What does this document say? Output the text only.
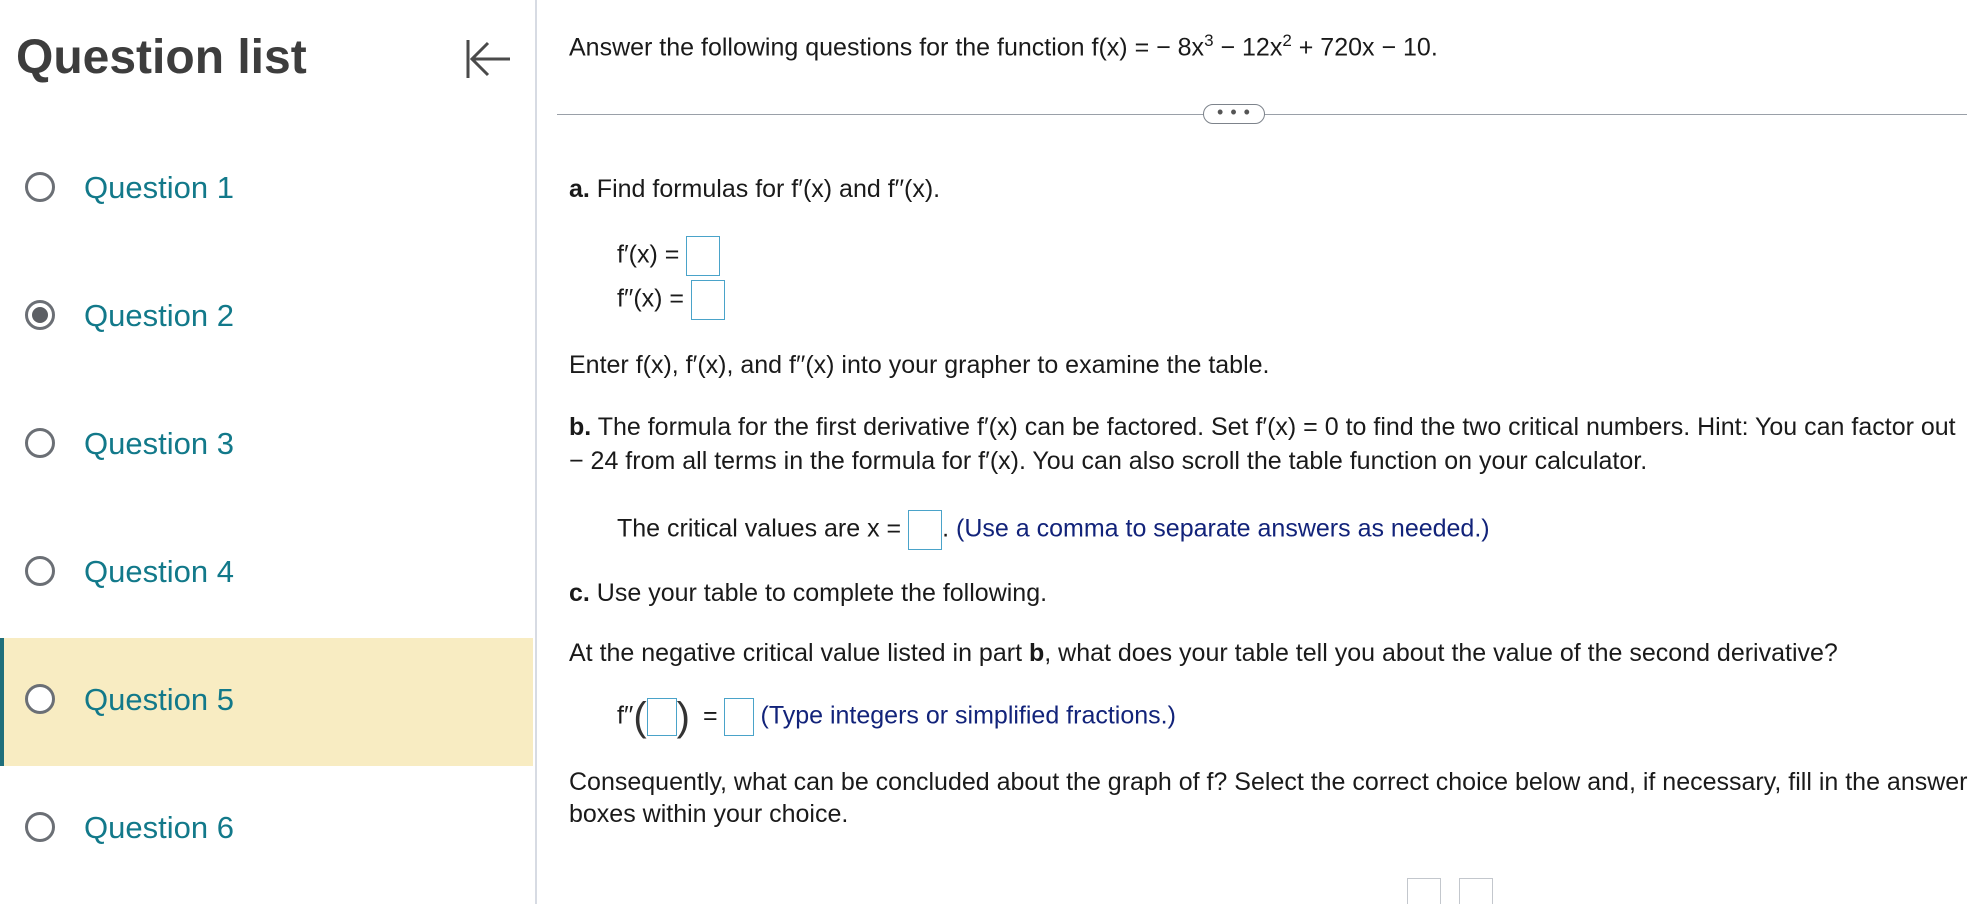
Question list
Question 1
Question 2
Question 3
Question 4
Question 5
Question 6
Answer the following questions for the function f(x) = − $8x^3 - 12x^2 + 720x - 10$.
• • •
a. Find formulas for f′(x) and f′′(x).
f′(x) =
f′′(x) =
Enter f(x), f′(x), and f′′(x) into your grapher to examine the table.
b. The formula for the first derivative f′(x) can be factored. Set f′(x) = 0 to find the two critical numbers. Hint: You can factor out − 24 from all terms in the formula for f′(x). You can also scroll the table function on your calculator.
The critical values are x = . (Use a comma to separate answers as needed.)
c. Use your table to complete the following.
At the negative critical value listed in part b, what does your table tell you about the value of the second derivative?
f′′( ) = (Type integers or simplified fractions.)
Consequently, what can be concluded about the graph of f? Select the correct choice below and, if necessary, fill in the answer boxes within your choice.
